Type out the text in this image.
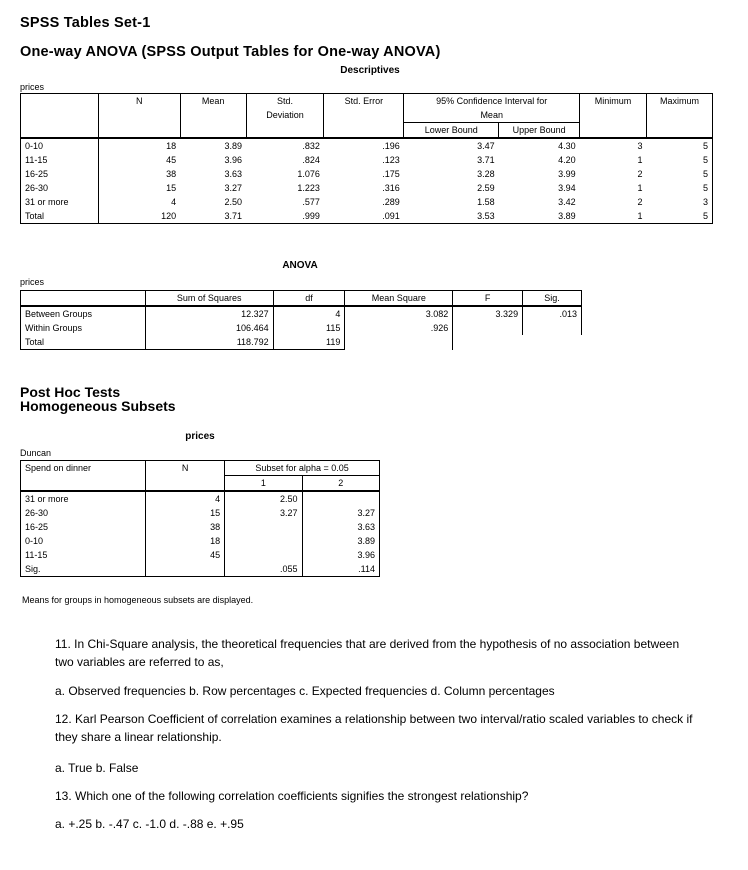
SPSS Tables Set-1
One-way ANOVA (SPSS Output Tables for One-way ANOVA)
Descriptives
prices
	N	Mean	Std.	Std. Error	95% Confidence Interval for		Minimum	Maximum
			Deviation		Mean			
					Lower Bound	Upper Bound		
0-10	18	3.89	.832	.196	3.47	4.30	3	5
11-15	45	3.96	.824	.123	3.71	4.20	1	5
16-25	38	3.63	1.076	.175	3.28	3.99	2	5
26-30	15	3.27	1.223	.316	2.59	3.94	1	5
31 or more	4	2.50	.577	.289	1.58	3.42	2	3
Total	120	3.71	.999	.091	3.53	3.89	1	5
ANOVA
prices
	Sum of Squares	df	Mean Square	F	Sig.
Between Groups	12.327	4	3.082	3.329	.013
Within Groups	106.464	115	.926		
Total	118.792	119			
Post Hoc Tests
Homogeneous Subsets
prices
Duncan
Spend on dinner	N	Subset for alpha = 0.05	
		1	2
31 or more	4	2.50	
26-30	15	3.27	3.27
16-25	38		3.63
0-10	18		3.89
11-15	45		3.96
Sig.		.055	.114
Means for groups in homogeneous subsets are displayed.
11. In Chi-Square analysis, the theoretical frequencies that are derived from the hypothesis of no association between two variables are referred to as,
a. Observed frequencies b. Row percentages c. Expected frequencies d. Column percentages
12. Karl Pearson Coefficient of correlation examines a relationship between two interval/ratio scaled variables to check if they share a linear relationship.
a. True b. False
13. Which one of the following correlation coefficients signifies the strongest relationship?
a. +.25 b. -.47 c. -1.0 d. -.88 e. +.95
